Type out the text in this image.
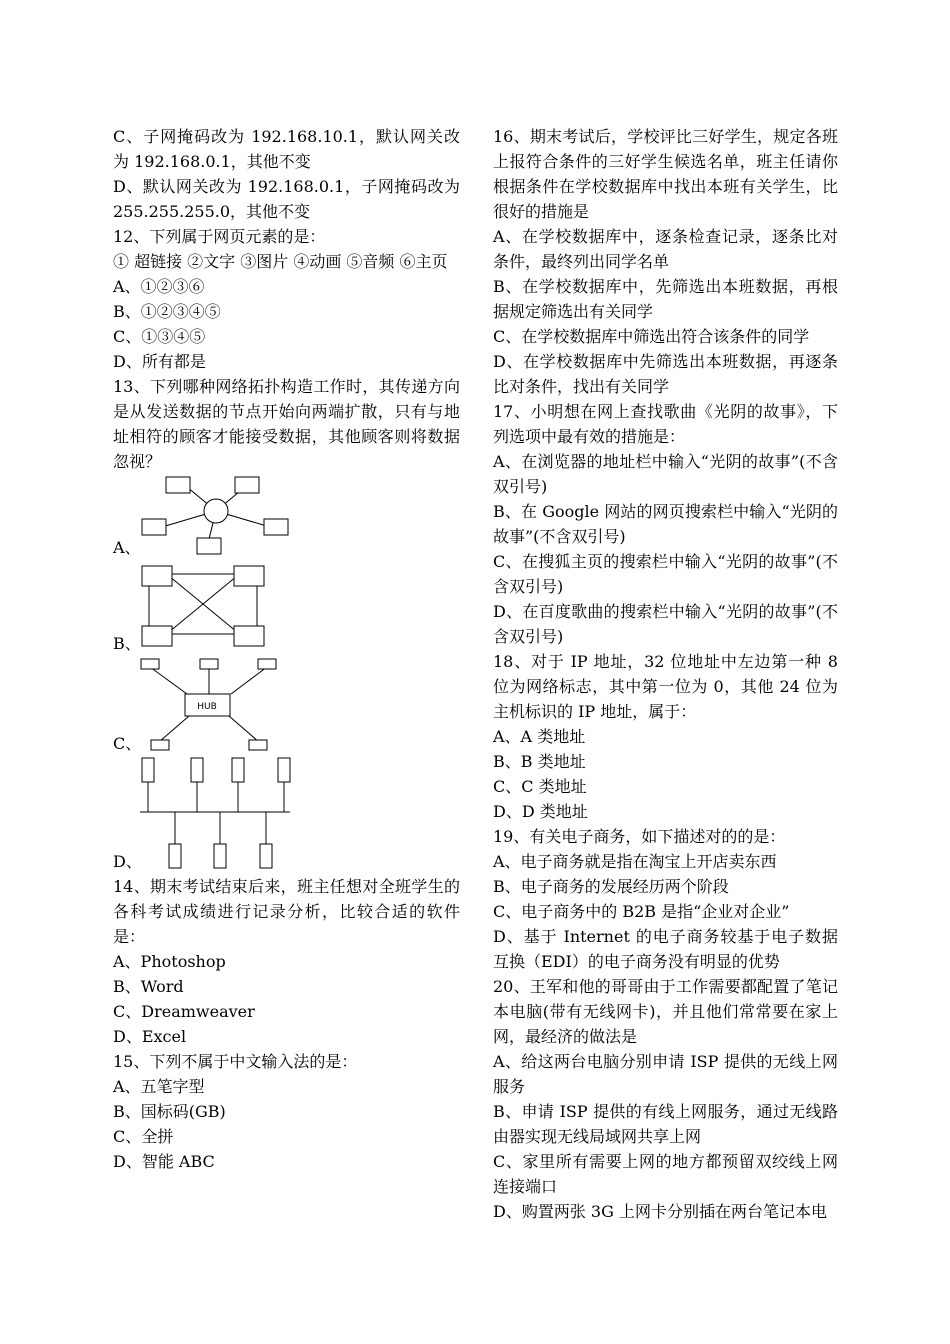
C、子网掩码改为 192.168.10.1，默认网关改为 192.168.0.1，其他不变

D、默认网关改为 192.168.0.1，子网掩码改为 255.255.255.0，其他不变

12、下列属于网页元素的是：

① 超链接 ②文字 ③图片 ④动画 ⑤音频 ⑥主页

A、①②③⑥

B、①②③④⑤

C、①③④⑤

D、所有都是

13、下列哪种网络拓扑构造工作时，其传递方向是从发送数据的节点开始向两端扩散，只有与地址相符的顾客才能接受数据，其他顾客则将数据忽视？

A、
B、
C、
HUB
D、

14、期末考试结束后来，班主任想对全班学生的各科考试成绩进行记录分析，比较合适的软件是：

A、Photoshop

B、Word

C、Dreamweaver

D、Excel

15、下列不属于中文输入法的是：

A、五笔字型

B、国标码(GB)

C、全拼

D、智能 ABC

16、期末考试后，学校评比三好学生，规定各班上报符合条件的三好学生候选名单，班主任请你根据条件在学校数据库中找出本班有关学生，比很好的措施是

A、在学校数据库中，逐条检查记录，逐条比对条件，最终列出同学名单

B、在学校数据库中，先筛选出本班数据，再根据规定筛选出有关同学

C、在学校数据库中筛选出符合该条件的同学

D、在学校数据库中先筛选出本班数据，再逐条比对条件，找出有关同学

17、小明想在网上查找歌曲《光阴的故事》，下列选项中最有效的措施是：

A、在浏览器的地址栏中输入“光阴的故事”(不含双引号)

B、在 Google 网站的网页搜索栏中输入“光阴的故事”(不含双引号)

C、在搜狐主页的搜索栏中输入“光阴的故事”(不含双引号)

D、在百度歌曲的搜索栏中输入“光阴的故事”(不含双引号)

18、对于 IP 地址，32 位地址中左边第一种 8 位为网络标志，其中第一位为 0，其他 24 位为主机标识的 IP 地址，属于：

A、A 类地址

B、B 类地址

C、C 类地址

D、D 类地址

19、有关电子商务，如下描述对的的是：

A、电子商务就是指在淘宝上开店卖东西

B、电子商务的发展经历两个阶段

C、电子商务中的 B2B 是指“企业对企业”

D、基于 Internet 的电子商务较基于电子数据互换（EDI）的电子商务没有明显的优势

20、王军和他的哥哥由于工作需要都配置了笔记本电脑(带有无线网卡)，并且他们常常要在家上网，最经济的做法是

A、给这两台电脑分别申请 ISP 提供的无线上网服务

B、申请 ISP 提供的有线上网服务，通过无线路由器实现无线局域网共享上网

C、家里所有需要上网的地方都预留双绞线上网连接端口

D、购置两张 3G 上网卡分别插在两台笔记本电
